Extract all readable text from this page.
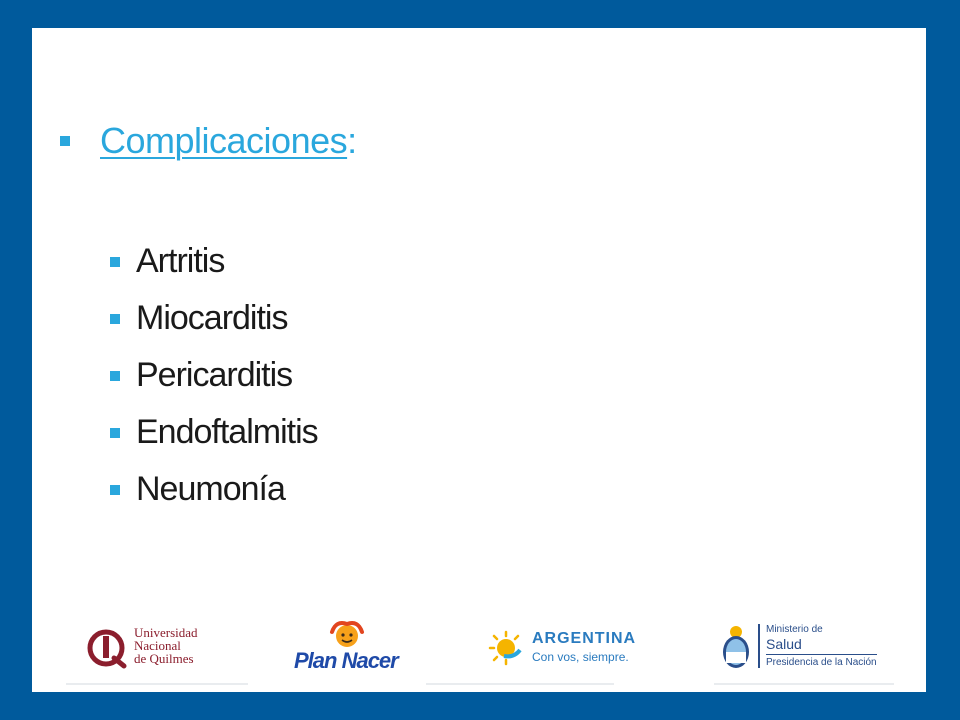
Complicaciones :
Artritis
Miocarditis
Pericarditis
Endoftalmitis
Neumonía
Universidad
Nacional
de Quilmes	Plan Nacer
ARGENTINA
Con vos, siempre.
Ministerio de
Salud
Presidencia de la Nación
